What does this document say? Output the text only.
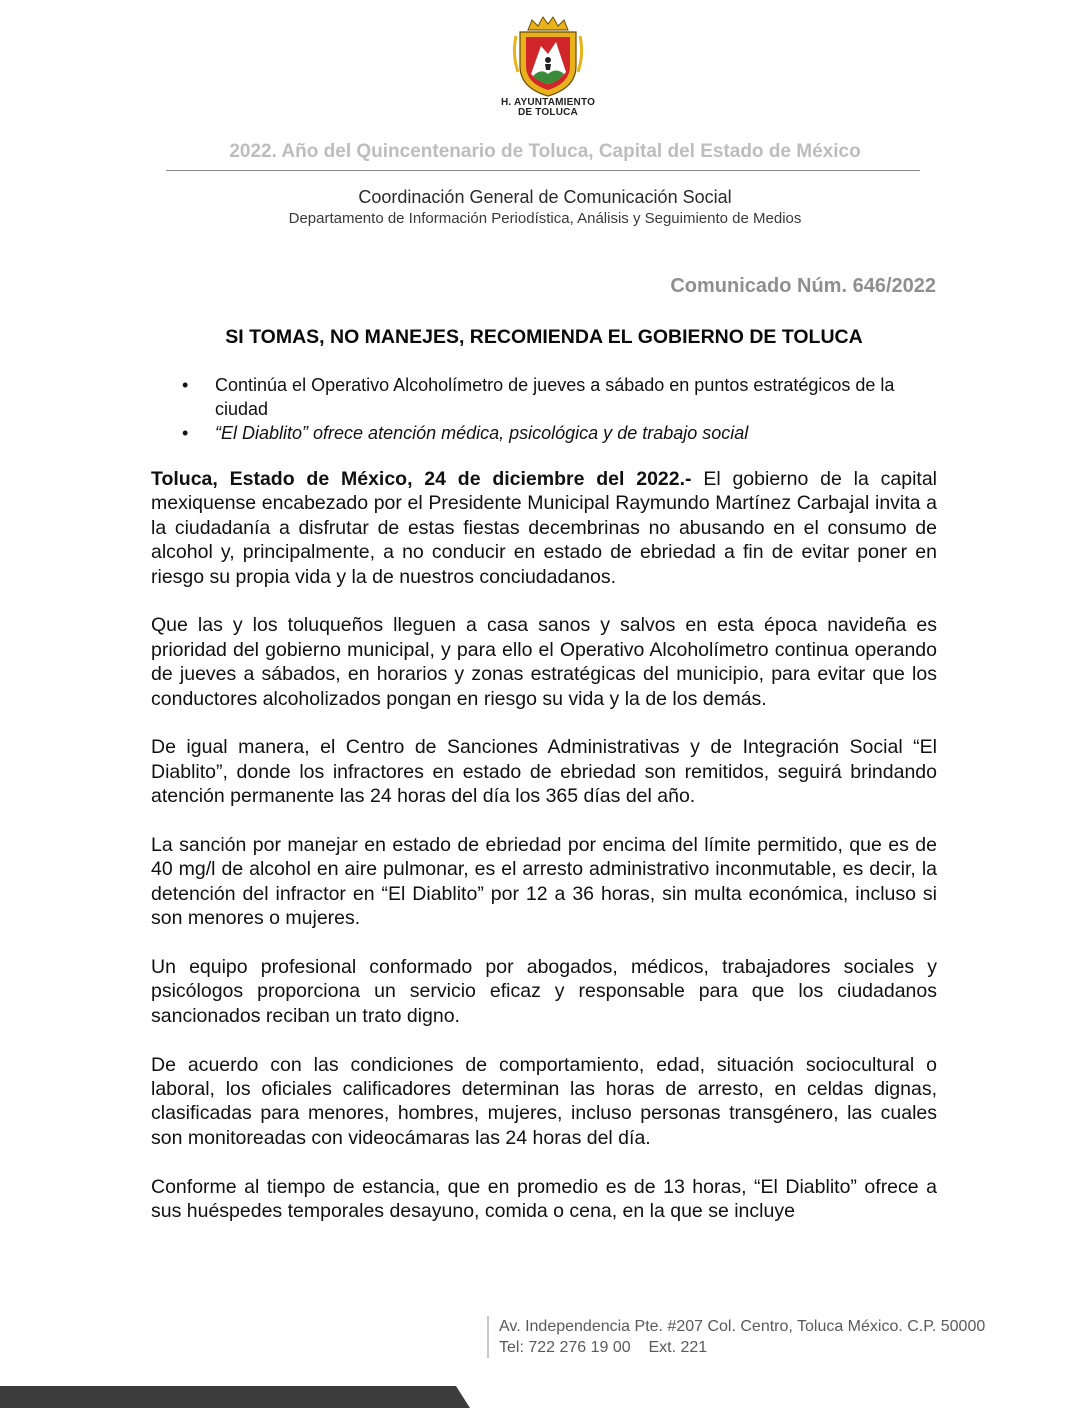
H. AYUNTAMIENTO
DE TOLUCA
2022. Año del Quincentenario de Toluca, Capital del Estado de México
Coordinación General de Comunicación Social
Departamento de Información Periodística, Análisis y Seguimiento de Medios
Comunicado Núm. 646/2022
SI TOMAS, NO MANEJES, RECOMIENDA EL GOBIERNO DE TOLUCA
• Continúa el Operativo Alcoholímetro de jueves a sábado en puntos estratégicos de la ciudad
• “El Diablito” ofrece atención médica, psicológica y de trabajo social

Toluca, Estado de México, 24 de diciembre del 2022.- El gobierno de la capital mexiquense encabezado por el Presidente Municipal Raymundo Martínez Carbajal invita a la ciudadanía a disfrutar de estas fiestas decembrinas no abusando en el consumo de alcohol y, principalmente, a no conducir en estado de ebriedad a fin de evitar poner en riesgo su propia vida y la de nuestros conciudadanos.

Que las y los toluqueños lleguen a casa sanos y salvos en esta época navideña es prioridad del gobierno municipal, y para ello el Operativo Alcoholímetro continua operando de jueves a sábados, en horarios y zonas estratégicas del municipio, para evitar que los conductores alcoholizados pongan en riesgo su vida y la de los demás.

De igual manera, el Centro de Sanciones Administrativas y de Integración Social “El Diablito”, donde los infractores en estado de ebriedad son remitidos, seguirá brindando atención permanente las 24 horas del día los 365 días del año.

La sanción por manejar en estado de ebriedad por encima del límite permitido, que es de 40 mg/l de alcohol en aire pulmonar, es el arresto administrativo inconmutable, es decir, la detención del infractor en “El Diablito” por 12 a 36 horas, sin multa económica, incluso si son menores o mujeres.

Un equipo profesional conformado por abogados, médicos, trabajadores sociales y psicólogos proporciona un servicio eficaz y responsable para que los ciudadanos sancionados reciban un trato digno.

De acuerdo con las condiciones de comportamiento, edad, situación sociocultural o laboral, los oficiales calificadores determinan las horas de arresto, en celdas dignas, clasificadas para menores, hombres, mujeres, incluso personas transgénero, las cuales son monitoreadas con videocámaras las 24 horas del día.

Conforme al tiempo de estancia, que en promedio es de 13 horas, “El Diablito” ofrece a sus huéspedes temporales desayuno, comida o cena, en la que se incluye

Av. Independencia Pte. #207 Col. Centro, Toluca México. C.P. 50000
Tel: 722 276 19 00    Ext. 221
